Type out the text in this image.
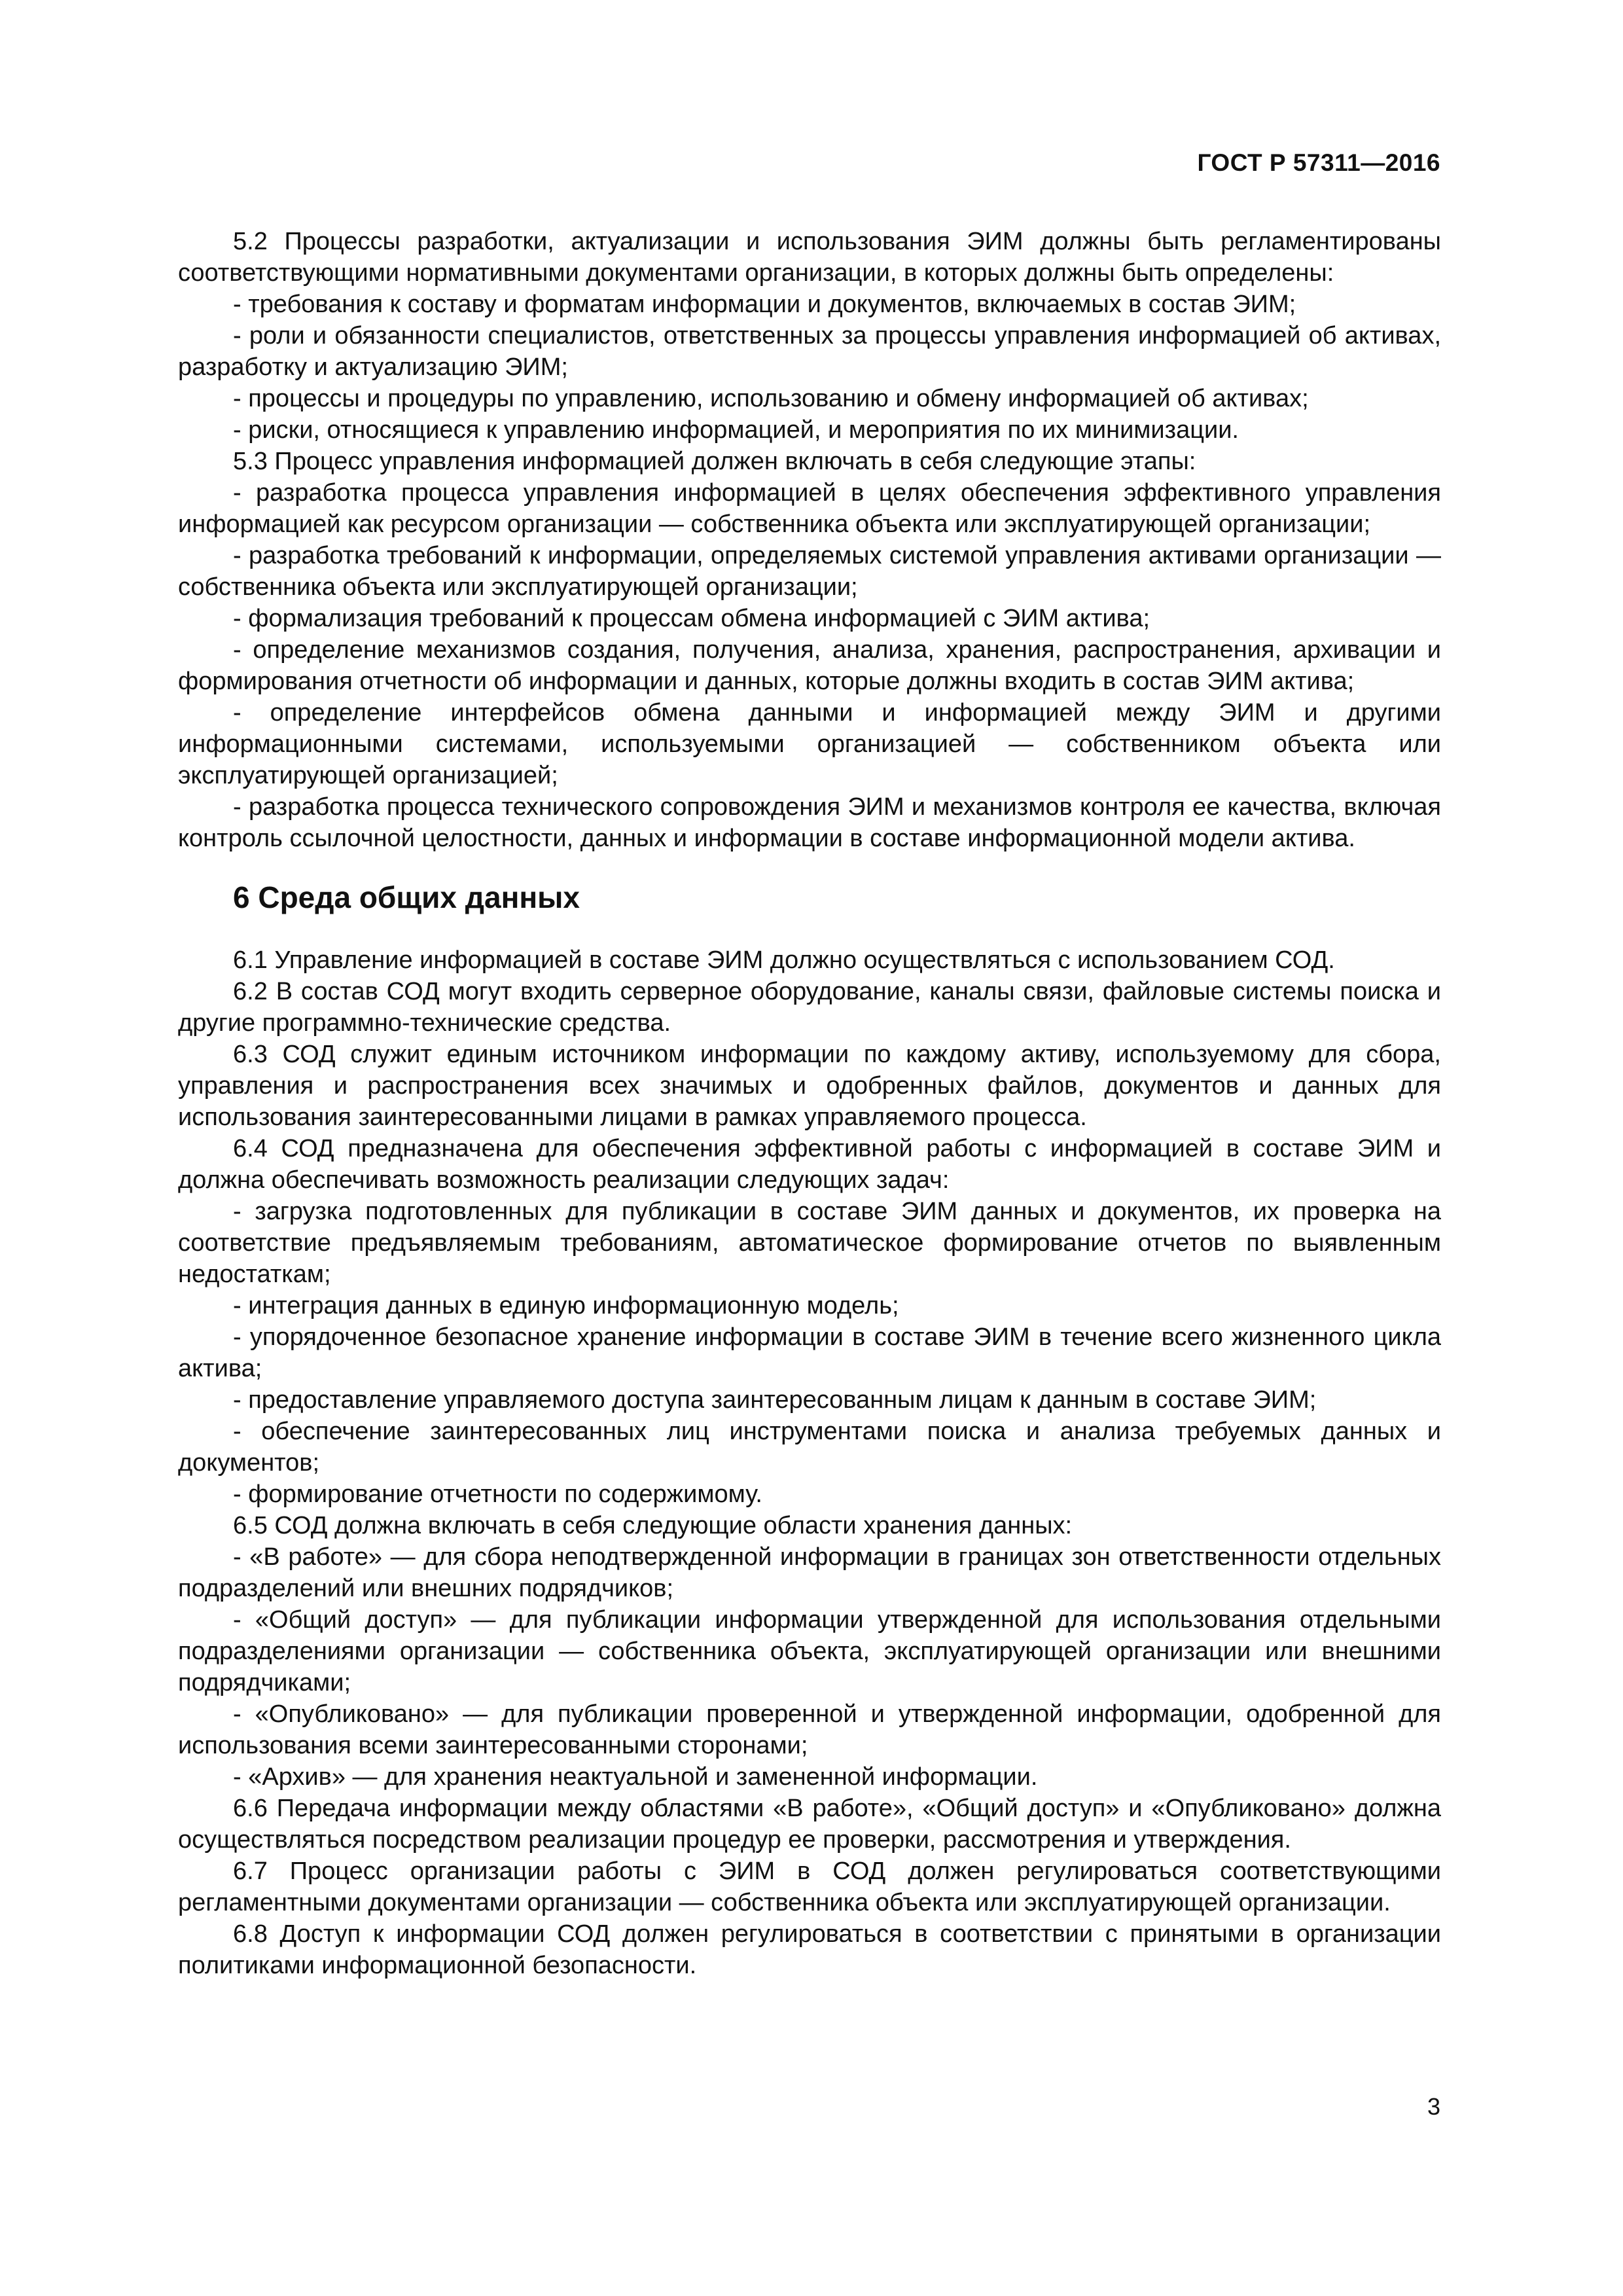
ГОСТ Р 57311—2016

5.2 Процессы разработки, актуализации и использования ЭИМ должны быть регламентированы соответствующими нормативными документами организации, в которых должны быть определены:

- требования к составу и форматам информации и документов, включаемых в состав ЭИМ;

- роли и обязанности специалистов, ответственных за процессы управления информацией об активах, разработку и актуализацию ЭИМ;

- процессы и процедуры по управлению, использованию и обмену информацией об активах;

- риски, относящиеся к управлению информацией, и мероприятия по их минимизации.

5.3 Процесс управления информацией должен включать в себя следующие этапы:

- разработка процесса управления информацией в целях обеспечения эффективного управления информацией как ресурсом организации — собственника объекта или эксплуатирующей организации;

- разработка требований к информации, определяемых системой управления активами организации — собственника объекта или эксплуатирующей организации;

- формализация требований к процессам обмена информацией с ЭИМ актива;

- определение механизмов создания, получения, анализа, хранения, распространения, архивации и формирования отчетности об информации и данных, которые должны входить в состав ЭИМ актива;

- определение интерфейсов обмена данными и информацией между ЭИМ и другими информационными системами, используемыми организацией — собственником объекта или эксплуатирующей организацией;

- разработка процесса технического сопровождения ЭИМ и механизмов контроля ее качества, включая контроль ссылочной целостности, данных и информации в составе информационной модели актива.

6 Среда общих данных

6.1 Управление информацией в составе ЭИМ должно осуществляться с использованием СОД.

6.2 В состав СОД могут входить серверное оборудование, каналы связи, файловые системы поиска и другие программно-технические средства.

6.3 СОД служит единым источником информации по каждому активу, используемому для сбора, управления и распространения всех значимых и одобренных файлов, документов и данных для использования заинтересованными лицами в рамках управляемого процесса.

6.4 СОД предназначена для обеспечения эффективной работы с информацией в составе ЭИМ и должна обеспечивать возможность реализации следующих задач:

- загрузка подготовленных для публикации в составе ЭИМ данных и документов, их проверка на соответствие предъявляемым требованиям, автоматическое формирование отчетов по выявленным недостаткам;

- интеграция данных в единую информационную модель;

- упорядоченное безопасное хранение информации в составе ЭИМ в течение всего жизненного цикла актива;

- предоставление управляемого доступа заинтересованным лицам к данным в составе ЭИМ;

- обеспечение заинтересованных лиц инструментами поиска и анализа требуемых данных и документов;

- формирование отчетности по содержимому.

6.5 СОД должна включать в себя следующие области хранения данных:

- «В работе» — для сбора неподтвержденной информации в границах зон ответственности отдельных подразделений или внешних подрядчиков;

- «Общий доступ» — для публикации информации утвержденной для использования отдельными подразделениями организации — собственника объекта, эксплуатирующей организации или внешними подрядчиками;

- «Опубликовано» — для публикации проверенной и утвержденной информации, одобренной для использования всеми заинтересованными сторонами;

- «Архив» — для хранения неактуальной и замененной информации.

6.6 Передача информации между областями «В работе», «Общий доступ» и «Опубликовано» должна осуществляться посредством реализации процедур ее проверки, рассмотрения и утверждения.

6.7 Процесс организации работы с ЭИМ в СОД должен регулироваться соответствующими регламентными документами организации — собственника объекта или эксплуатирующей организации.

6.8 Доступ к информации СОД должен регулироваться в соответствии с принятыми в организации политиками информационной безопасности.

3
